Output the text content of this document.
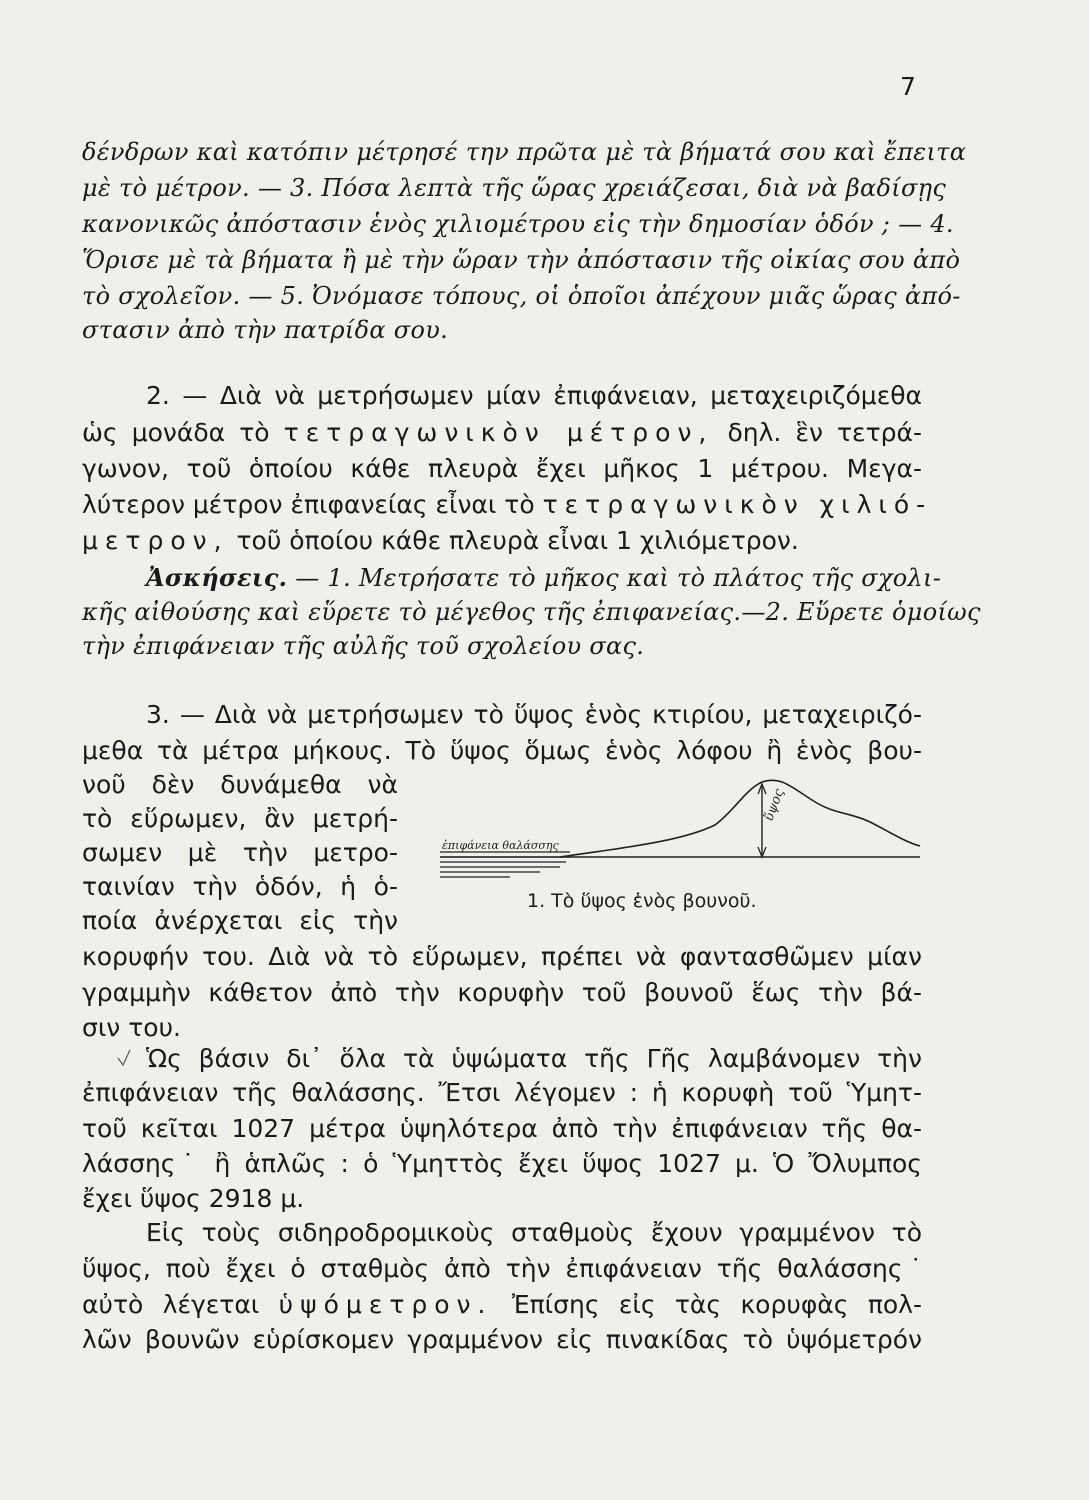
7
δένδρων καὶ κατόπιν μέτρησέ την πρῶτα μὲ τὰ βήματά σου καὶ ἔπειτα
μὲ τὸ μέτρον. — 3. Πόσα λεπτὰ τῆς ὥρας χρειάζεσαι, διὰ νὰ βαδίσῃς
κανονικῶς ἀπόστασιν ἑνὸς χιλιομέτρου εἰς τὴν δημοσίαν ὁδόν ; — 4.
Ὅρισε μὲ τὰ βήματα ἢ μὲ τὴν ὥραν τὴν ἀπόστασιν τῆς οἰκίας σου ἀπὸ
τὸ σχολεῖον. — 5. Ὀνόμασε τόπους, οἱ ὁποῖοι ἀπέχουν μιᾶς ὥρας ἀπό-
στασιν ἀπὸ τὴν πατρίδα σου.
2. — Διὰ νὰ μετρήσωμεν μίαν ἐπιφάνειαν, μεταχειριζόμεθα
ὡς μονάδα τὸ τετραγωνικὸν μέτρον, δηλ. ἓν τετρά-
γωνον, τοῦ ὁποίου κάθε πλευρὰ ἔχει μῆκος 1 μέτρου. Μεγα-
λύτερον μέτρον ἐπιφανείας εἶναι τὸ τετραγωνικὸν χιλιό-
μετρον, τοῦ ὁποίου κάθε πλευρὰ εἶναι 1 χιλιόμετρον.
Ἀσκήσεις. — 1. Μετρήσατε τὸ μῆκος καὶ τὸ πλάτος τῆς σχολι-
κῆς αἰθούσης καὶ εὕρετε τὸ μέγεθος τῆς ἐπιφανείας.—2. Εὕρετε ὁμοίως
τὴν ἐπιφάνειαν τῆς αὐλῆς τοῦ σχολείου σας.
3. — Διὰ νὰ μετρήσωμεν τὸ ὕψος ἑνὸς κτιρίου, μεταχειριζό-
μεθα τὰ μέτρα μήκους. Τὸ ὕψος ὅμως ἑνὸς λόφου ἢ ἑνὸς βου-
νοῦ δὲν δυνάμεθα νὰ
τὸ εὕρωμεν, ἂν μετρή-
σωμεν μὲ τὴν μετρο-
ταινίαν τὴν ὁδόν, ἡ ὁ-
ποία ἀνέρχεται εἰς τὴν
κορυφήν του. Διὰ νὰ τὸ εὕρωμεν, πρέπει νὰ φαντασθῶμεν μίαν
γραμμὴν κάθετον ἀπὸ τὴν κορυφὴν τοῦ βουνοῦ ἕως τὴν βά-
σιν του.
ἐπιφάνεια θαλάσσης
ὕψος
1. Τὸ ὕψος ἑνὸς βουνοῦ.
Ὡς βάσιν δι᾽ ὅλα τὰ ὑψώματα τῆς Γῆς λαμβάνομεν τὴν
ἐπιφάνειαν τῆς θαλάσσης. Ἔτσι λέγομεν : ἡ κορυφὴ τοῦ Ὑμητ-
τοῦ κεῖται 1027 μέτρα ὑψηλότερα ἀπὸ τὴν ἐπιφάνειαν τῆς θα-
λάσσης˙ ἢ ἁπλῶς : ὁ Ὑμηττὸς ἔχει ὕψος 1027 μ. Ὁ Ὄλυμπος
ἔχει ὕψος 2918 μ.
Εἰς τοὺς σιδηροδρομικοὺς σταθμοὺς ἔχουν γραμμένον τὸ
ὕψος, ποὺ ἔχει ὁ σταθμὸς ἀπὸ τὴν ἐπιφάνειαν τῆς θαλάσσης˙
αὐτὸ λέγεται ὑψόμετρον. Ἐπίσης εἰς τὰς κορυφὰς πολ-
λῶν βουνῶν εὑρίσκομεν γραμμένον εἰς πινακίδας τὸ ὑψόμετρόν
